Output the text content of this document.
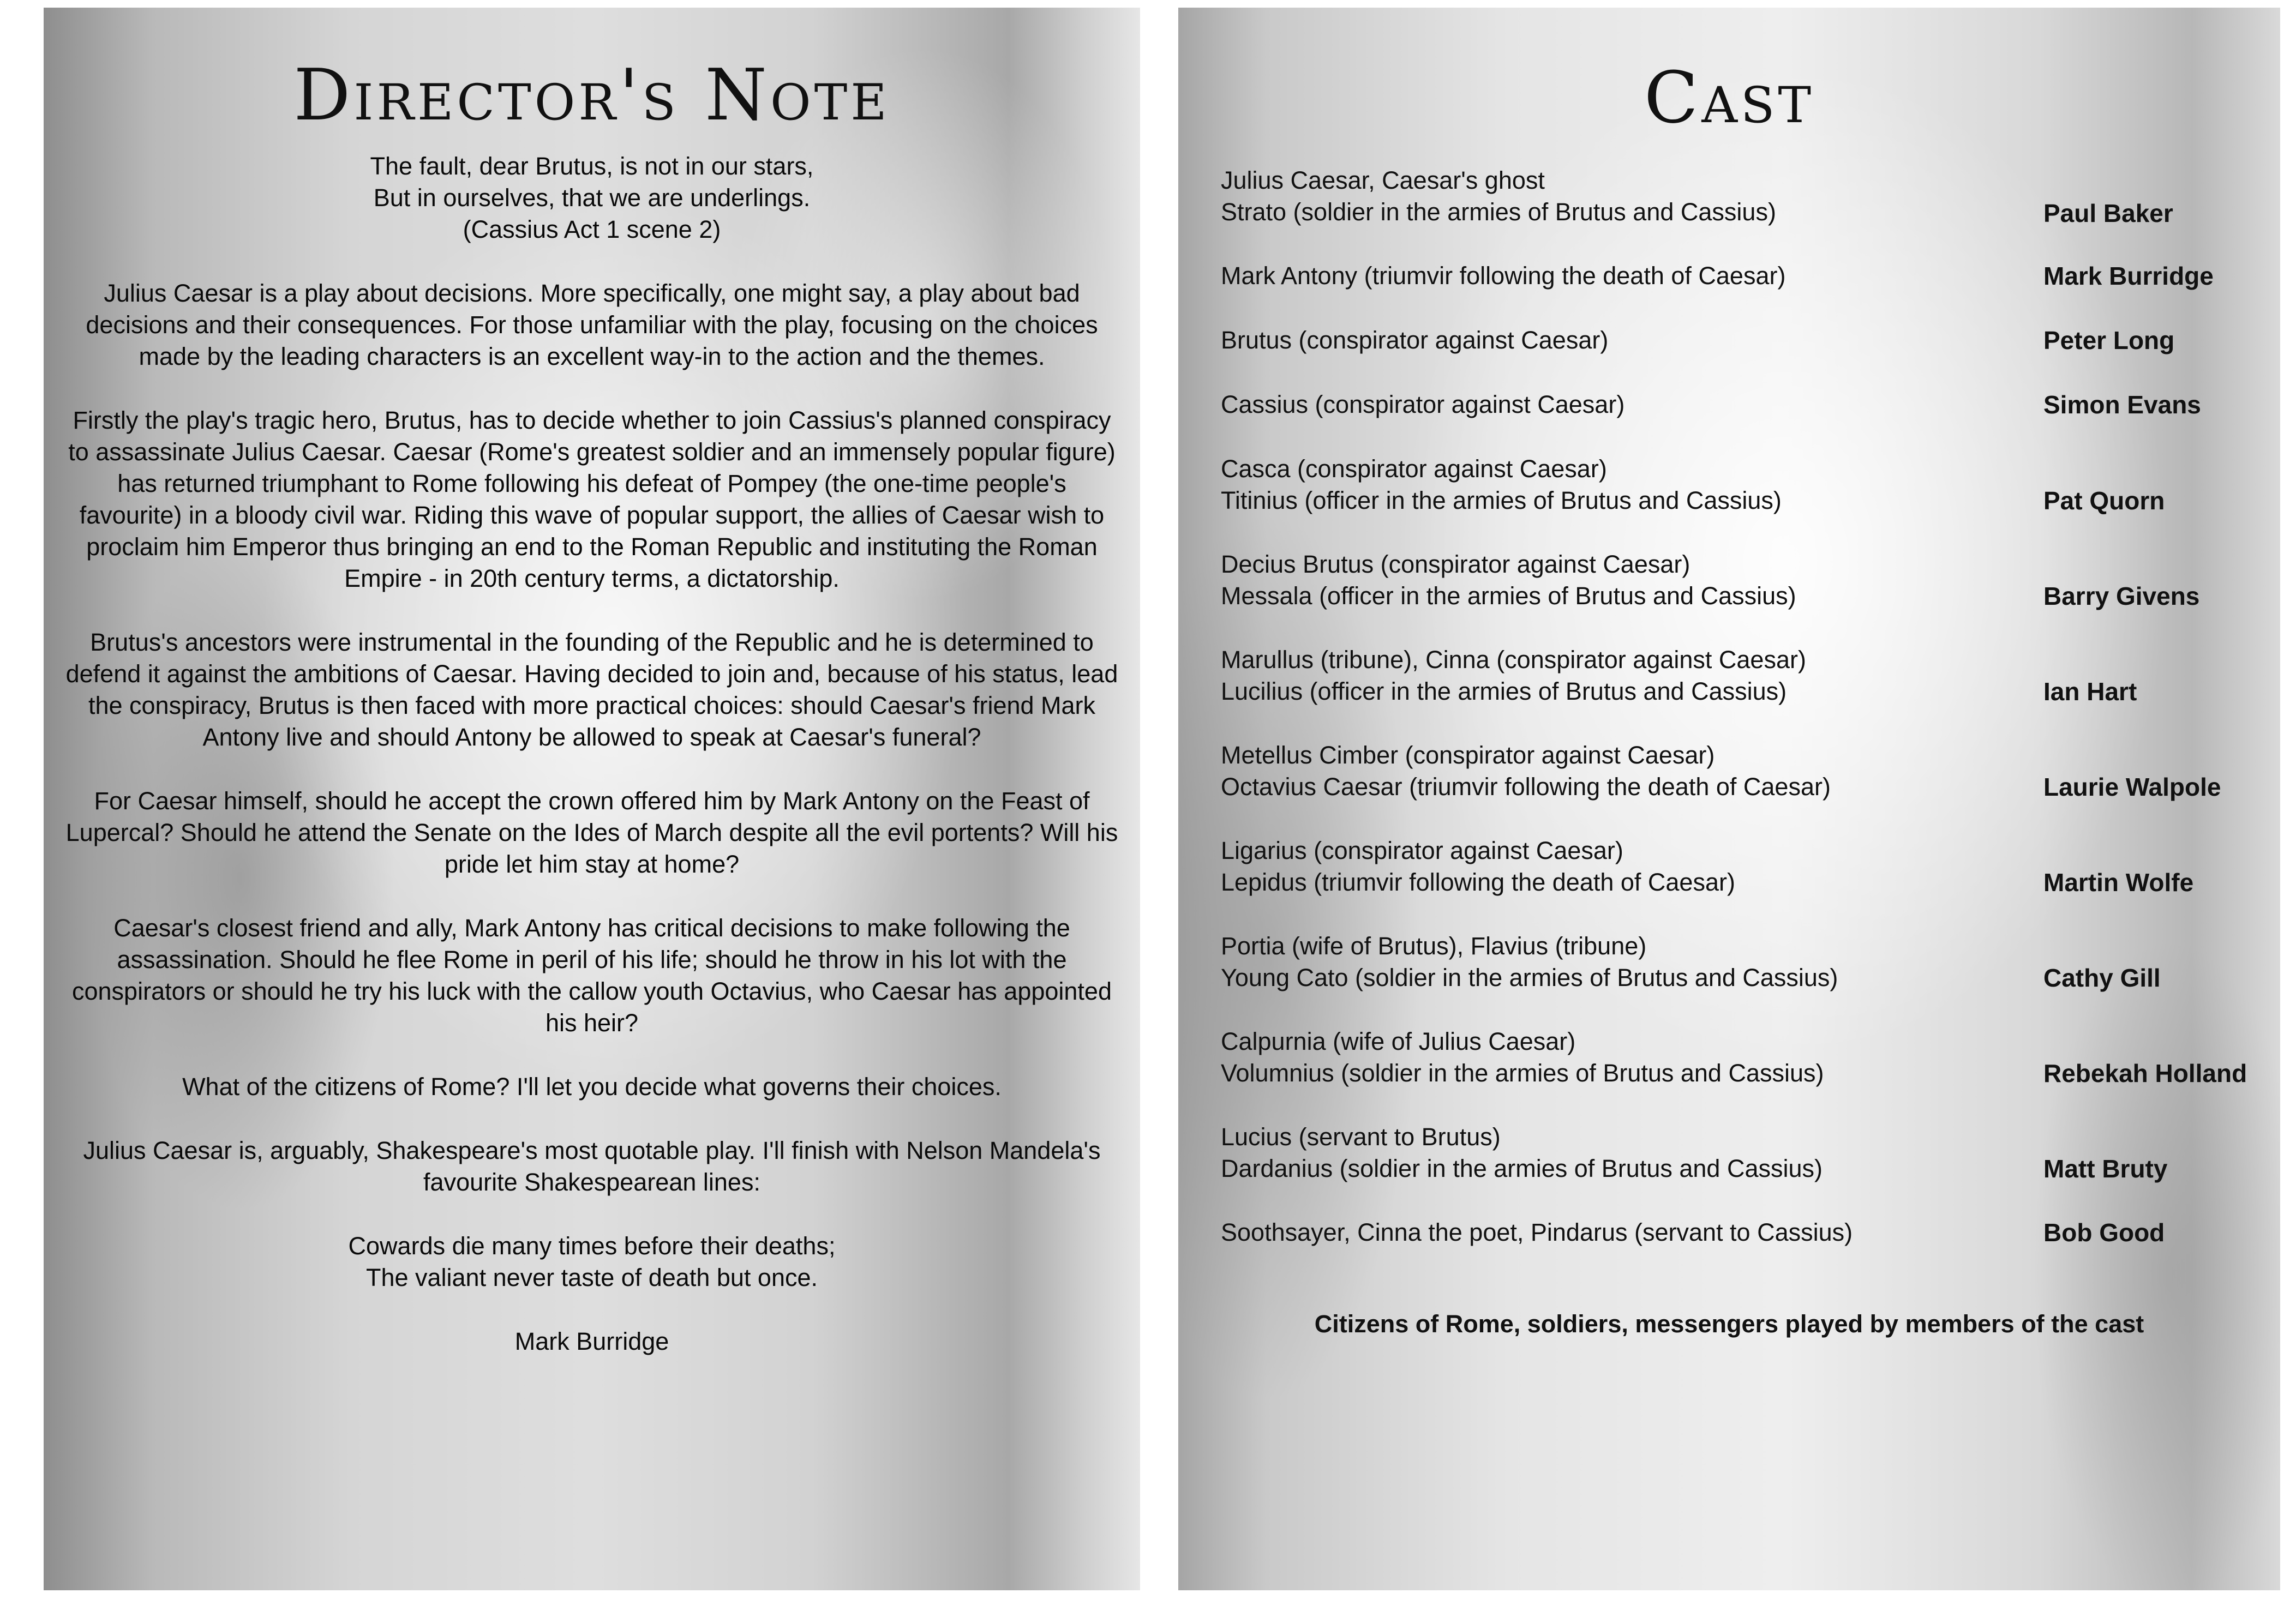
Director's Note

The fault, dear Brutus, is not in our stars,
But in ourselves, that we are underlings.
(Cassius Act 1 scene 2)

Julius Caesar is a play about decisions. More specifically, one might say, a play about bad decisions and their consequences. For those unfamiliar with the play, focusing on the choices made by the leading characters is an excellent way-in to the action and the themes.

Firstly the play's tragic hero, Brutus, has to decide whether to join Cassius's planned conspiracy to assassinate Julius Caesar. Caesar (Rome's greatest soldier and an immensely popular figure) has returned triumphant to Rome following his defeat of Pompey (the one-time people's favourite) in a bloody civil war. Riding this wave of popular support, the allies of Caesar wish to proclaim him Emperor thus bringing an end to the Roman Republic and instituting the Roman Empire - in 20th century terms, a dictatorship.

Brutus's ancestors were instrumental in the founding of the Republic and he is determined to defend it against the ambitions of Caesar. Having decided to join and, because of his status, lead the conspiracy, Brutus is then faced with more practical choices: should Caesar's friend Mark Antony live and should Antony be allowed to speak at Caesar's funeral?

For Caesar himself, should he accept the crown offered him by Mark Antony on the Feast of Lupercal? Should he attend the Senate on the Ides of March despite all the evil portents? Will his pride let him stay at home?

Caesar's closest friend and ally, Mark Antony has critical decisions to make following the assassination. Should he flee Rome in peril of his life; should he throw in his lot with the conspirators or should he try his luck with the callow youth Octavius, who Caesar has appointed his heir?

What of the citizens of Rome? I'll let you decide what governs their choices.

Julius Caesar is, arguably, Shakespeare's most quotable play. I'll finish with Nelson Mandela's favourite Shakespearean lines:

Cowards die many times before their deaths;
The valiant never taste of death but once.

Mark Burridge

Cast
Julius Caesar, Caesar's ghost
Strato (soldier in the armies of Brutus and Cassius)	Paul Baker
Mark Antony (triumvir following the death of Caesar)	Mark Burridge
Brutus (conspirator against Caesar)	Peter Long
Cassius (conspirator against Caesar)	Simon Evans
Casca (conspirator against Caesar)
Titinius (officer in the armies of Brutus and Cassius)	Pat Quorn
Decius Brutus (conspirator against Caesar)
Messala (officer in the armies of Brutus and Cassius)	Barry Givens
Marullus (tribune), Cinna (conspirator against Caesar)
Lucilius (officer in the armies of Brutus and Cassius)	Ian Hart
Metellus Cimber (conspirator against Caesar)
Octavius Caesar (triumvir following the death of Caesar)	Laurie Walpole
Ligarius (conspirator against Caesar)
Lepidus (triumvir following the death of Caesar)	Martin Wolfe
Portia (wife of Brutus), Flavius (tribune)
Young Cato (soldier in the armies of Brutus and Cassius)	Cathy Gill
Calpurnia (wife of Julius Caesar)
Volumnius (soldier in the armies of Brutus and Cassius)	Rebekah Holland
Lucius (servant to Brutus)
Dardanius (soldier in the armies of Brutus and Cassius)	Matt Bruty
Soothsayer, Cinna the poet, Pindarus (servant to Cassius)	Bob Good
Citizens of Rome, soldiers, messengers played by members of the cast
